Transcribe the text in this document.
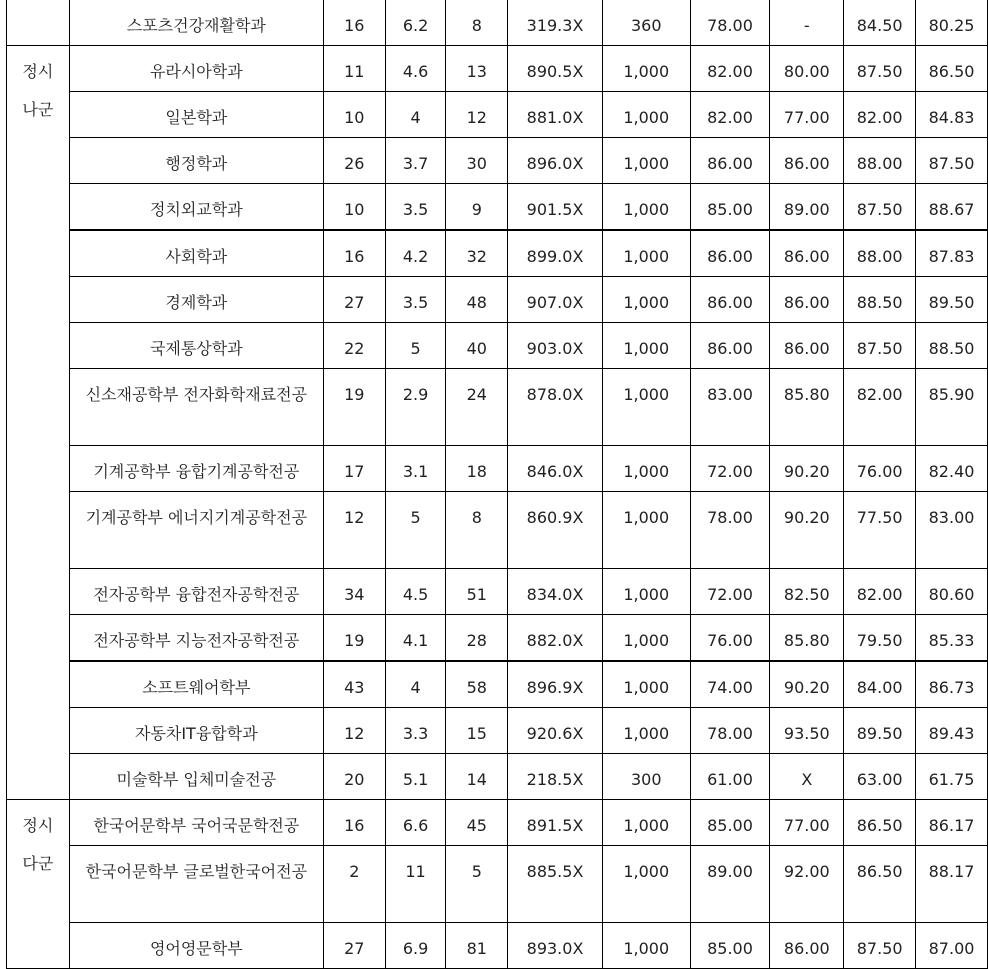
	스포츠건강재활학과	16	6.2	8	319.3X	360	78.00	-	84.50	80.25
정시
나군	유라시아학과	11	4.6	13	890.5X	1,000	82.00	80.00	87.50	86.50
	일본학과	10	4	12	881.0X	1,000	82.00	77.00	82.00	84.83
	행정학과	26	3.7	30	896.0X	1,000	86.00	86.00	88.00	87.50
	정치외교학과	10	3.5	9	901.5X	1,000	85.00	89.00	87.50	88.67
	사회학과	16	4.2	32	899.0X	1,000	86.00	86.00	88.00	87.83
	경제학과	27	3.5	48	907.0X	1,000	86.00	86.00	88.50	89.50
	국제통상학과	22	5	40	903.0X	1,000	86.00	86.00	87.50	88.50
	신소재공학부 전자화학재료전공	19	2.9	24	878.0X	1,000	83.00	85.80	82.00	85.90
	기계공학부 융합기계공학전공	17	3.1	18	846.0X	1,000	72.00	90.20	76.00	82.40
	기계공학부 에너지기계공학전공	12	5	8	860.9X	1,000	78.00	90.20	77.50	83.00
	전자공학부 융합전자공학전공	34	4.5	51	834.0X	1,000	72.00	82.50	82.00	80.60
	전자공학부 지능전자공학전공	19	4.1	28	882.0X	1,000	76.00	85.80	79.50	85.33
	소프트웨어학부	43	4	58	896.9X	1,000	74.00	90.20	84.00	86.73
	자동차IT융합학과	12	3.3	15	920.6X	1,000	78.00	93.50	89.50	89.43
	미술학부 입체미술전공	20	5.1	14	218.5X	300	61.00	X	63.00	61.75
정시
다군	한국어문학부 국어국문학전공	16	6.6	45	891.5X	1,000	85.00	77.00	86.50	86.17
	한국어문학부 글로벌한국어전공	2	11	5	885.5X	1,000	89.00	92.00	86.50	88.17
	영어영문학부	27	6.9	81	893.0X	1,000	85.00	86.00	87.50	87.00
